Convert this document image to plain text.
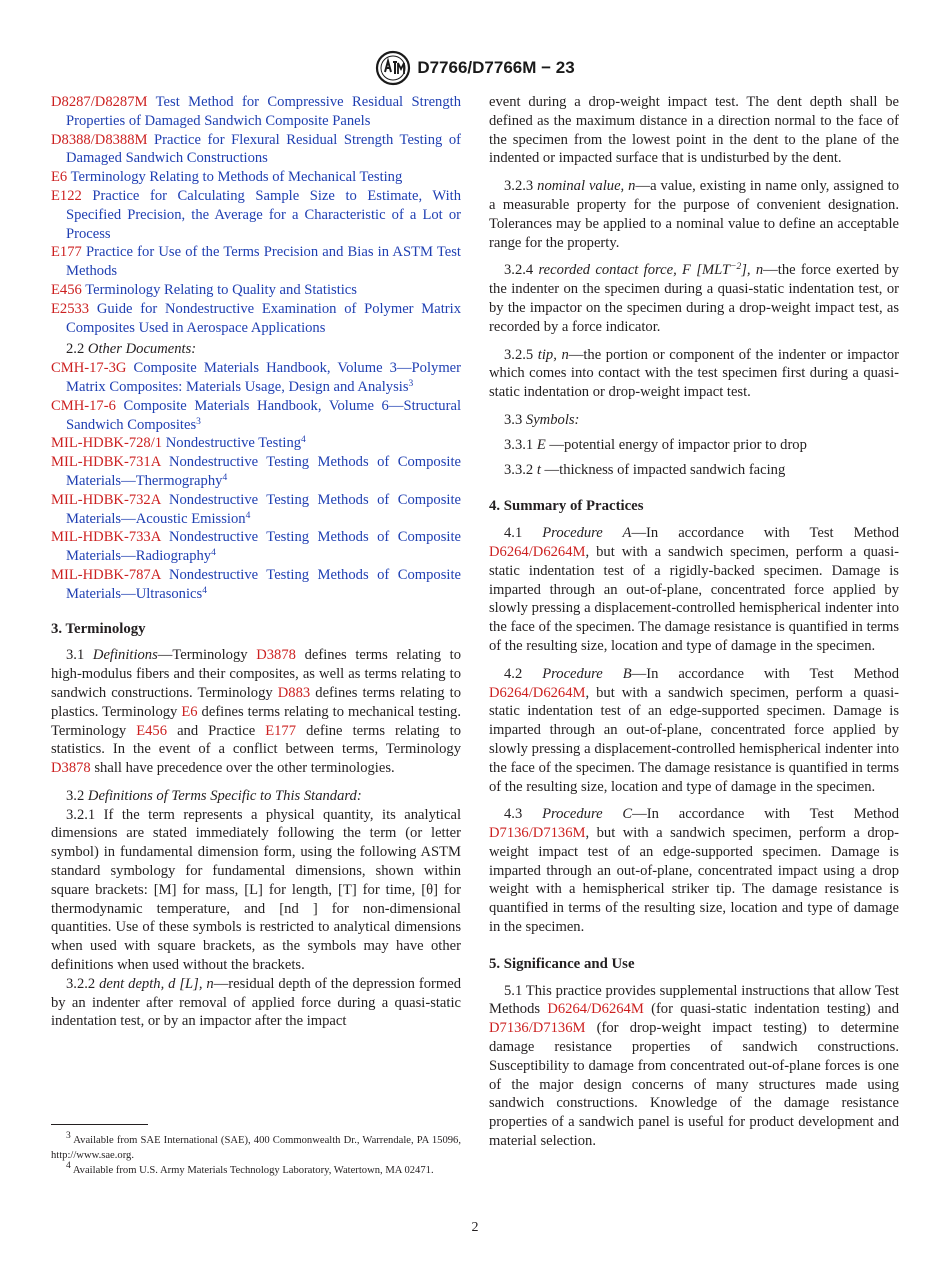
D7766/D7766M − 23

D8287/D8287M Test Method for Compressive Residual Strength Properties of Damaged Sandwich Composite Panels

D8388/D8388M Practice for Flexural Residual Strength Testing of Damaged Sandwich Constructions

E6 Terminology Relating to Methods of Mechanical Testing

E122 Practice for Calculating Sample Size to Estimate, With Specified Precision, the Average for a Characteristic of a Lot or Process

E177 Practice for Use of the Terms Precision and Bias in ASTM Test Methods

E456 Terminology Relating to Quality and Statistics

E2533 Guide for Nondestructive Examination of Polymer Matrix Composites Used in Aerospace Applications

2.2 Other Documents:

CMH-17-3G Composite Materials Handbook, Volume 3—Polymer Matrix Composites: Materials Usage, Design and Analysis$^3$

CMH-17-6 Composite Materials Handbook, Volume 6—Structural Sandwich Composites$^3$

MIL-HDBK-728/1 Nondestructive Testing$^4$

MIL-HDBK-731A Nondestructive Testing Methods of Composite Materials—Thermography$^4$

MIL-HDBK-732A Nondestructive Testing Methods of Composite Materials—Acoustic Emission$^4$

MIL-HDBK-733A Nondestructive Testing Methods of Composite Materials—Radiography$^4$

MIL-HDBK-787A Nondestructive Testing Methods of Composite Materials—Ultrasonics$^4$

3. Terminology

3.1 Definitions—Terminology D3878 defines terms relating to high-modulus fibers and their composites, as well as terms relating to sandwich constructions. Terminology D883 defines terms relating to plastics. Terminology E6 defines terms relating to mechanical testing. Terminology E456 and Practice E177 define terms relating to statistics. In the event of a conflict between terms, Terminology D3878 shall have precedence over the other terminologies.

3.2 Definitions of Terms Specific to This Standard:

3.2.1 If the term represents a physical quantity, its analytical dimensions are stated immediately following the term (or letter symbol) in fundamental dimension form, using the following ASTM standard symbology for fundamental dimensions, shown within square brackets: [M] for mass, [L] for length, [T] for time, [θ] for thermodynamic temperature, and [nd ] for non-dimensional quantities. Use of these symbols is restricted to analytical dimensions when used with square brackets, as the symbols may have other definitions when used without the brackets.

3.2.2 dent depth, d [L], n—residual depth of the depression formed by an indenter after removal of applied force during a quasi-static indentation test, or by an impactor after the impact

$^3$ Available from SAE International (SAE), 400 Commonwealth Dr., Warrendale, PA 15096, http://www.sae.org.

$^4$ Available from U.S. Army Materials Technology Laboratory, Watertown, MA 02471.

event during a drop-weight impact test. The dent depth shall be defined as the maximum distance in a direction normal to the face of the specimen from the lowest point in the dent to the plane of the indented or impacted surface that is undisturbed by the dent.

3.2.3 nominal value, n—a value, existing in name only, assigned to a measurable property for the purpose of convenient designation. Tolerances may be applied to a nominal value to define an acceptable range for the property.

3.2.4 recorded contact force, F $[MLT^{-2}]$, n—the force exerted by the indenter on the specimen during a quasi-static indentation test, or by the impactor on the specimen during a drop-weight impact test, as recorded by a force indicator.

3.2.5 tip, n—the portion or component of the indenter or impactor which comes into contact with the test specimen first during a quasi-static indentation or drop-weight impact test.

3.3 Symbols:

3.3.1 E —potential energy of impactor prior to drop

3.3.2 t —thickness of impacted sandwich facing

4. Summary of Practices

4.1 Procedure A—In accordance with Test Method D6264/D6264M, but with a sandwich specimen, perform a quasi-static indentation test of a rigidly-backed specimen. Damage is imparted through an out-of-plane, concentrated force applied by slowly pressing a displacement-controlled hemispherical indenter into the face of the specimen. The damage resistance is quantified in terms of the resulting size, location and type of damage in the specimen.

4.2 Procedure B—In accordance with Test Method D6264/D6264M, but with a sandwich specimen, perform a quasi-static indentation test of an edge-supported specimen. Damage is imparted through an out-of-plane, concentrated force applied by slowly pressing a displacement-controlled hemispherical indenter into the face of the specimen. The damage resistance is quantified in terms of the resulting size, location and type of damage in the specimen.

4.3 Procedure C—In accordance with Test Method D7136/D7136M, but with a sandwich specimen, perform a drop-weight impact test of an edge-supported specimen. Damage is imparted through an out-of-plane, concentrated impact using a drop weight with a hemispherical striker tip. The damage resistance is quantified in terms of the resulting size, location and type of damage in the specimen.

5. Significance and Use

5.1 This practice provides supplemental instructions that allow Test Methods D6264/D6264M (for quasi-static indentation testing) and D7136/D7136M (for drop-weight impact testing) to determine damage resistance properties of sandwich constructions. Susceptibility to damage from concentrated out-of-plane forces is one of the major design concerns of many structures made using sandwich constructions. Knowledge of the damage resistance properties of a sandwich panel is useful for product development and material selection.

2
